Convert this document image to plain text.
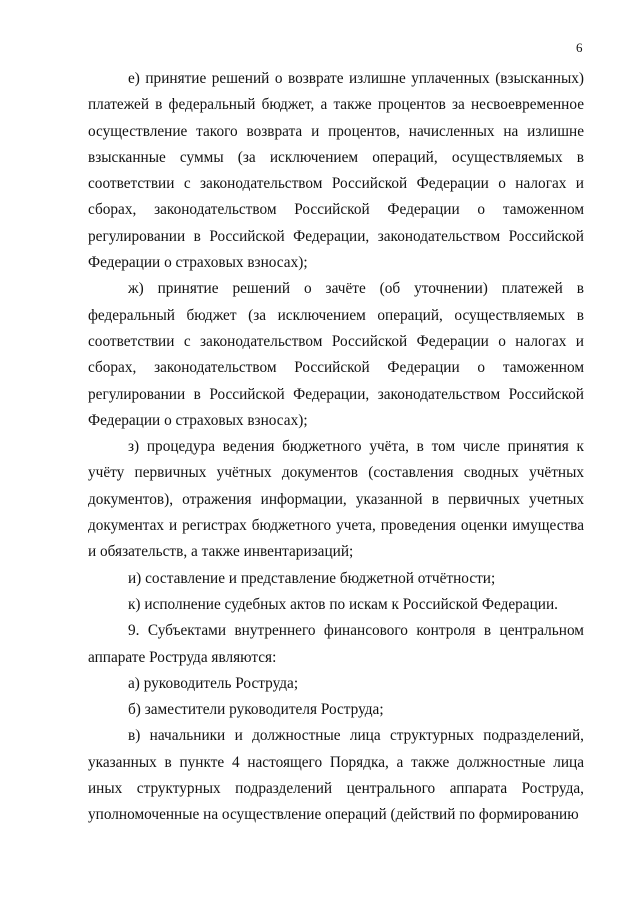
6

е) принятие решений о возврате излишне уплаченных (взысканных) платежей в федеральный бюджет, а также процентов за несвоевременное осуществление такого возврата и процентов, начисленных на излишне взысканные суммы (за исключением операций, осуществляемых в соответствии с законодательством Российской Федерации о налогах и сборах, законодательством Российской Федерации о таможенном регулировании в Российской Федерации, законодательством Российской Федерации о страховых взносах);

ж) принятие решений о зачёте (об уточнении) платежей в федеральный бюджет (за исключением операций, осуществляемых в соответствии с законодательством Российской Федерации о налогах и сборах, законодательством Российской Федерации о таможенном регулировании в Российской Федерации, законодательством Российской Федерации о страховых взносах);

з) процедура ведения бюджетного учёта, в том числе принятия к учёту первичных учётных документов (составления сводных учётных документов), отражения информации, указанной в первичных учетных документах и регистрах бюджетного учета, проведения оценки имущества и обязательств, а также инвентаризаций;

и) составление и представление бюджетной отчётности;

к) исполнение судебных актов по искам к Российской Федерации.

9. Субъектами внутреннего финансового контроля в центральном аппарате Роструда являются:

а) руководитель Роструда;

б) заместители руководителя Роструда;

в) начальники и должностные лица структурных подразделений, указанных в пункте 4 настоящего Порядка, а также должностные лица иных структурных подразделений центрального аппарата Роструда, уполномоченные на осуществление операций (действий по формированию
